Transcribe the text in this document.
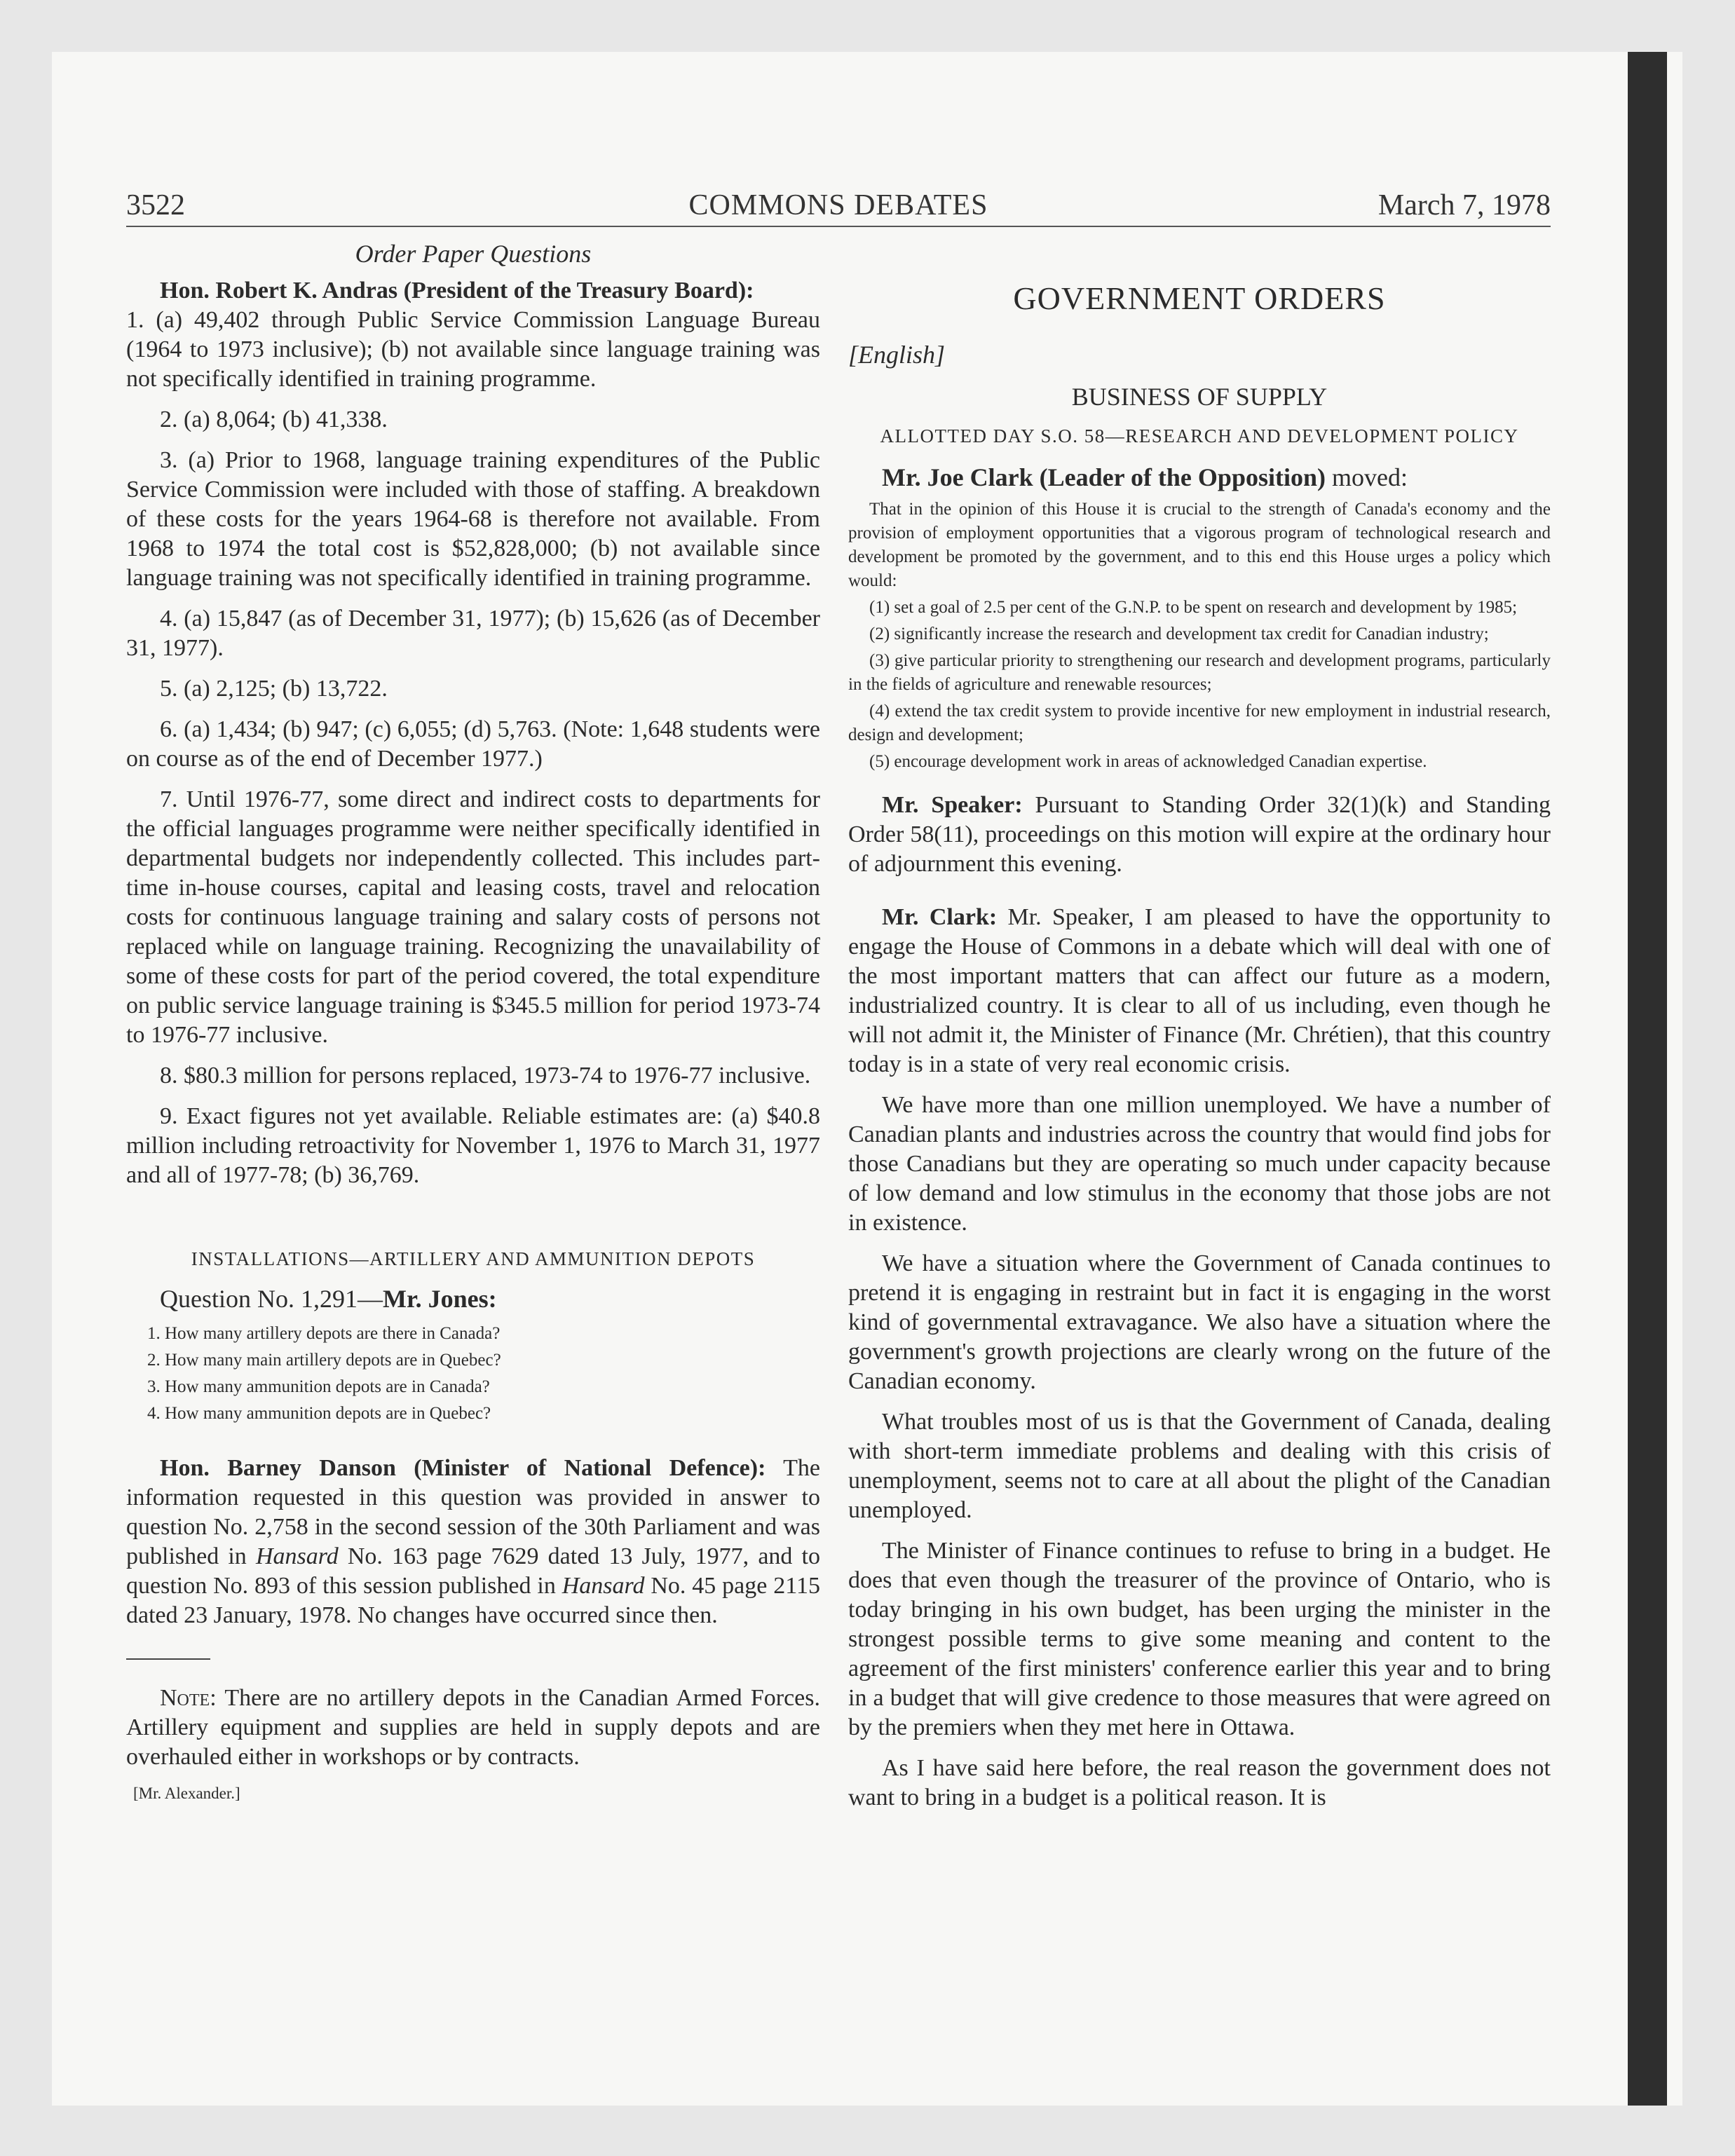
3522	COMMONS DEBATES	March 7, 1978

Order Paper Questions

Hon. Robert K. Andras (President of the Treasury Board):

1. (a) 49,402 through Public Service Commission Language Bureau (1964 to 1973 inclusive); (b) not available since language training was not specifically identified in training programme.

2. (a) 8,064; (b) 41,338.

3. (a) Prior to 1968, language training expenditures of the Public Service Commission were included with those of staffing. A breakdown of these costs for the years 1964-68 is therefore not available. From 1968 to 1974 the total cost is $52,828,000; (b) not available since language training was not specifically identified in training programme.

4. (a) 15,847 (as of December 31, 1977); (b) 15,626 (as of December 31, 1977).

5. (a) 2,125; (b) 13,722.

6. (a) 1,434; (b) 947; (c) 6,055; (d) 5,763. (Note: 1,648 students were on course as of the end of December 1977.)

7. Until 1976-77, some direct and indirect costs to departments for the official languages programme were neither specifically identified in departmental budgets nor independently collected. This includes part-time in-house courses, capital and leasing costs, travel and relocation costs for continuous language training and salary costs of persons not replaced while on language training. Recognizing the unavailability of some of these costs for part of the period covered, the total expenditure on public service language training is $345.5 million for period 1973-74 to 1976-77 inclusive.

8. $80.3 million for persons replaced, 1973-74 to 1976-77 inclusive.

9. Exact figures not yet available. Reliable estimates are: (a) $40.8 million including retroactivity for November 1, 1976 to March 31, 1977 and all of 1977-78; (b) 36,769.

INSTALLATIONS—ARTILLERY AND AMMUNITION DEPOTS

Question No. 1,291—Mr. Jones:

1. How many artillery depots are there in Canada?

2. How many main artillery depots are in Quebec?

3. How many ammunition depots are in Canada?

4. How many ammunition depots are in Quebec?

Hon. Barney Danson (Minister of National Defence): The information requested in this question was provided in answer to question No. 2,758 in the second session of the 30th Parliament and was published in Hansard No. 163 page 7629 dated 13 July, 1977, and to question No. 893 of this session published in Hansard No. 45 page 2115 dated 23 January, 1978. No changes have occurred since then.

Note: There are no artillery depots in the Canadian Armed Forces. Artillery equipment and supplies are held in supply depots and are overhauled either in workshops or by contracts.

[Mr. Alexander.]

GOVERNMENT ORDERS

[English]

BUSINESS OF SUPPLY

ALLOTTED DAY S.O. 58—RESEARCH AND DEVELOPMENT POLICY

Mr. Joe Clark (Leader of the Opposition) moved:

That in the opinion of this House it is crucial to the strength of Canada's economy and the provision of employment opportunities that a vigorous program of technological research and development be promoted by the government, and to this end this House urges a policy which would:

(1) set a goal of 2.5 per cent of the G.N.P. to be spent on research and development by 1985;

(2) significantly increase the research and development tax credit for Canadian industry;

(3) give particular priority to strengthening our research and development programs, particularly in the fields of agriculture and renewable resources;

(4) extend the tax credit system to provide incentive for new employment in industrial research, design and development;

(5) encourage development work in areas of acknowledged Canadian expertise.

Mr. Speaker: Pursuant to Standing Order 32(1)(k) and Standing Order 58(11), proceedings on this motion will expire at the ordinary hour of adjournment this evening.

Mr. Clark: Mr. Speaker, I am pleased to have the opportunity to engage the House of Commons in a debate which will deal with one of the most important matters that can affect our future as a modern, industrialized country. It is clear to all of us including, even though he will not admit it, the Minister of Finance (Mr. Chrétien), that this country today is in a state of very real economic crisis.

We have more than one million unemployed. We have a number of Canadian plants and industries across the country that would find jobs for those Canadians but they are operating so much under capacity because of low demand and low stimulus in the economy that those jobs are not in existence.

We have a situation where the Government of Canada continues to pretend it is engaging in restraint but in fact it is engaging in the worst kind of governmental extravagance. We also have a situation where the government's growth projections are clearly wrong on the future of the Canadian economy.

What troubles most of us is that the Government of Canada, dealing with short-term immediate problems and dealing with this crisis of unemployment, seems not to care at all about the plight of the Canadian unemployed.

The Minister of Finance continues to refuse to bring in a budget. He does that even though the treasurer of the province of Ontario, who is today bringing in his own budget, has been urging the minister in the strongest possible terms to give some meaning and content to the agreement of the first ministers' conference earlier this year and to bring in a budget that will give credence to those measures that were agreed on by the premiers when they met here in Ottawa.

As I have said here before, the real reason the government does not want to bring in a budget is a political reason. It is
